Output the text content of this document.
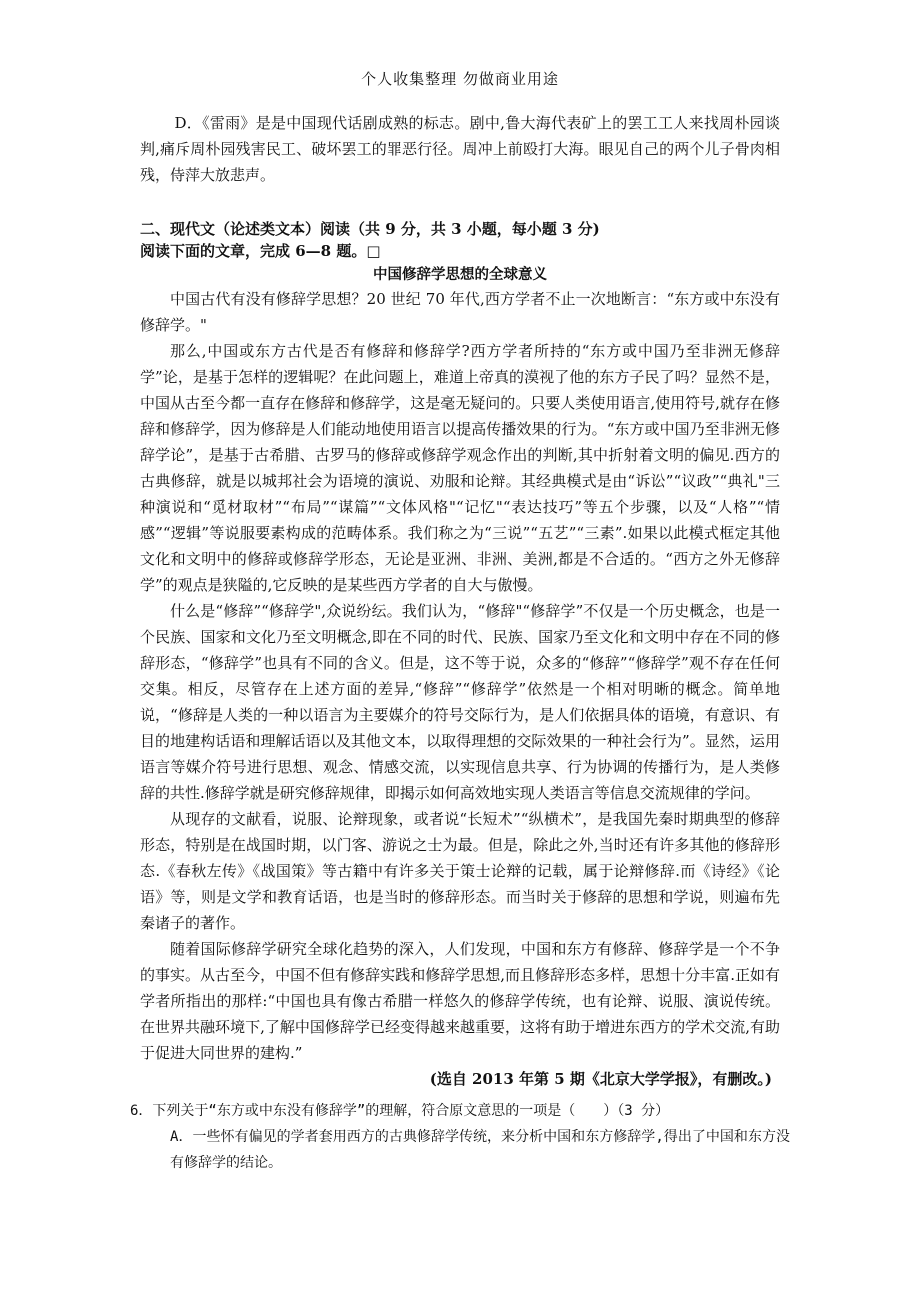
个人收集整理 勿做商业用途

D．《雷雨》是是中国现代话剧成熟的标志。剧中,鲁大海代表矿上的罢工工人来找周朴园谈判,痛斥周朴园残害民工、破坏罢工的罪恶行径。周冲上前殴打大海。眼见自己的两个儿子骨肉相残，侍萍大放悲声。

二、现代文（论述类文本）阅读（共 9 分，共 3 小题，每小题 3 分)

阅读下面的文章，完成 6—8 题。□

中国修辞学思想的全球意义

中国古代有没有修辞学思想？20 世纪 70 年代,西方学者不止一次地断言：“东方或中东没有修辞学。"

那么,中国或东方古代是否有修辞和修辞学?西方学者所持的“东方或中国乃至非洲无修辞学”论，是基于怎样的逻辑呢？在此问题上，难道上帝真的漠视了他的东方子民了吗？显然不是，中国从古至今都一直存在修辞和修辞学，这是毫无疑问的。只要人类使用语言,使用符号,就存在修辞和修辞学，因为修辞是人们能动地使用语言以提高传播效果的行为。“东方或中国乃至非洲无修辞学论”，是基于古希腊、古罗马的修辞或修辞学观念作出的判断,其中折射着文明的偏见.西方的古典修辞，就是以城邦社会为语境的演说、劝服和论辩。其经典模式是由“诉讼”“议政”“典礼"三种演说和“觅材取材”“布局”“谋篇”“文体风格"“记忆"“表达技巧”等五个步骤，以及“人格”“情感”“逻辑”等说服要素构成的范畴体系。我们称之为“三说”“五艺”“三素”.如果以此模式框定其他文化和文明中的修辞或修辞学形态，无论是亚洲、非洲、美洲,都是不合适的。“西方之外无修辞学”的观点是狭隘的,它反映的是某些西方学者的自大与傲慢。

什么是“修辞”“修辞学",众说纷纭。我们认为，“修辞"“修辞学”不仅是一个历史概念，也是一个民族、国家和文化乃至文明概念,即在不同的时代、民族、国家乃至文化和文明中存在不同的修辞形态，“修辞学”也具有不同的含义。但是，这不等于说，众多的“修辞”“修辞学”观不存在任何交集。相反，尽管存在上述方面的差异,“修辞”“修辞学”依然是一个相对明晰的概念。简单地说，“修辞是人类的一种以语言为主要媒介的符号交际行为，是人们依据具体的语境，有意识、有目的地建构话语和理解话语以及其他文本，以取得理想的交际效果的一种社会行为”。显然，运用语言等媒介符号进行思想、观念、情感交流，以实现信息共享、行为协调的传播行为，是人类修辞的共性.修辞学就是研究修辞规律，即揭示如何高效地实现人类语言等信息交流规律的学问。

从现存的文献看，说服、论辩现象，或者说“长短术”“纵横术”，是我国先秦时期典型的修辞形态，特别是在战国时期，以门客、游说之士为最。但是，除此之外,当时还有许多其他的修辞形态.《春秋左传》《战国策》等古籍中有许多关于策士论辩的记载，属于论辩修辞.而《诗经》《论语》等，则是文学和教育话语，也是当时的修辞形态。而当时关于修辞的思想和学说，则遍布先秦诸子的著作。

随着国际修辞学研究全球化趋势的深入，人们发现，中国和东方有修辞、修辞学是一个不争的事实。从古至今，中国不但有修辞实践和修辞学思想,而且修辞形态多样，思想十分丰富.正如有学者所指出的那样:“中国也具有像古希腊一样悠久的修辞学传统，也有论辩、说服、演说传统。在世界共融环境下,了解中国修辞学已经变得越来越重要，这将有助于增进东西方的学术交流,有助于促进大同世界的建构.”

(选自 2013 年第 5 期《北京大学学报》，有删改。)

6．下列关于“东方或中东没有修辞学”的理解，符合原文意思的一项是（　　）（3 分）

A．一些怀有偏见的学者套用西方的古典修辞学传统，来分析中国和东方修辞学,得出了中国和东方没有修辞学的结论。
